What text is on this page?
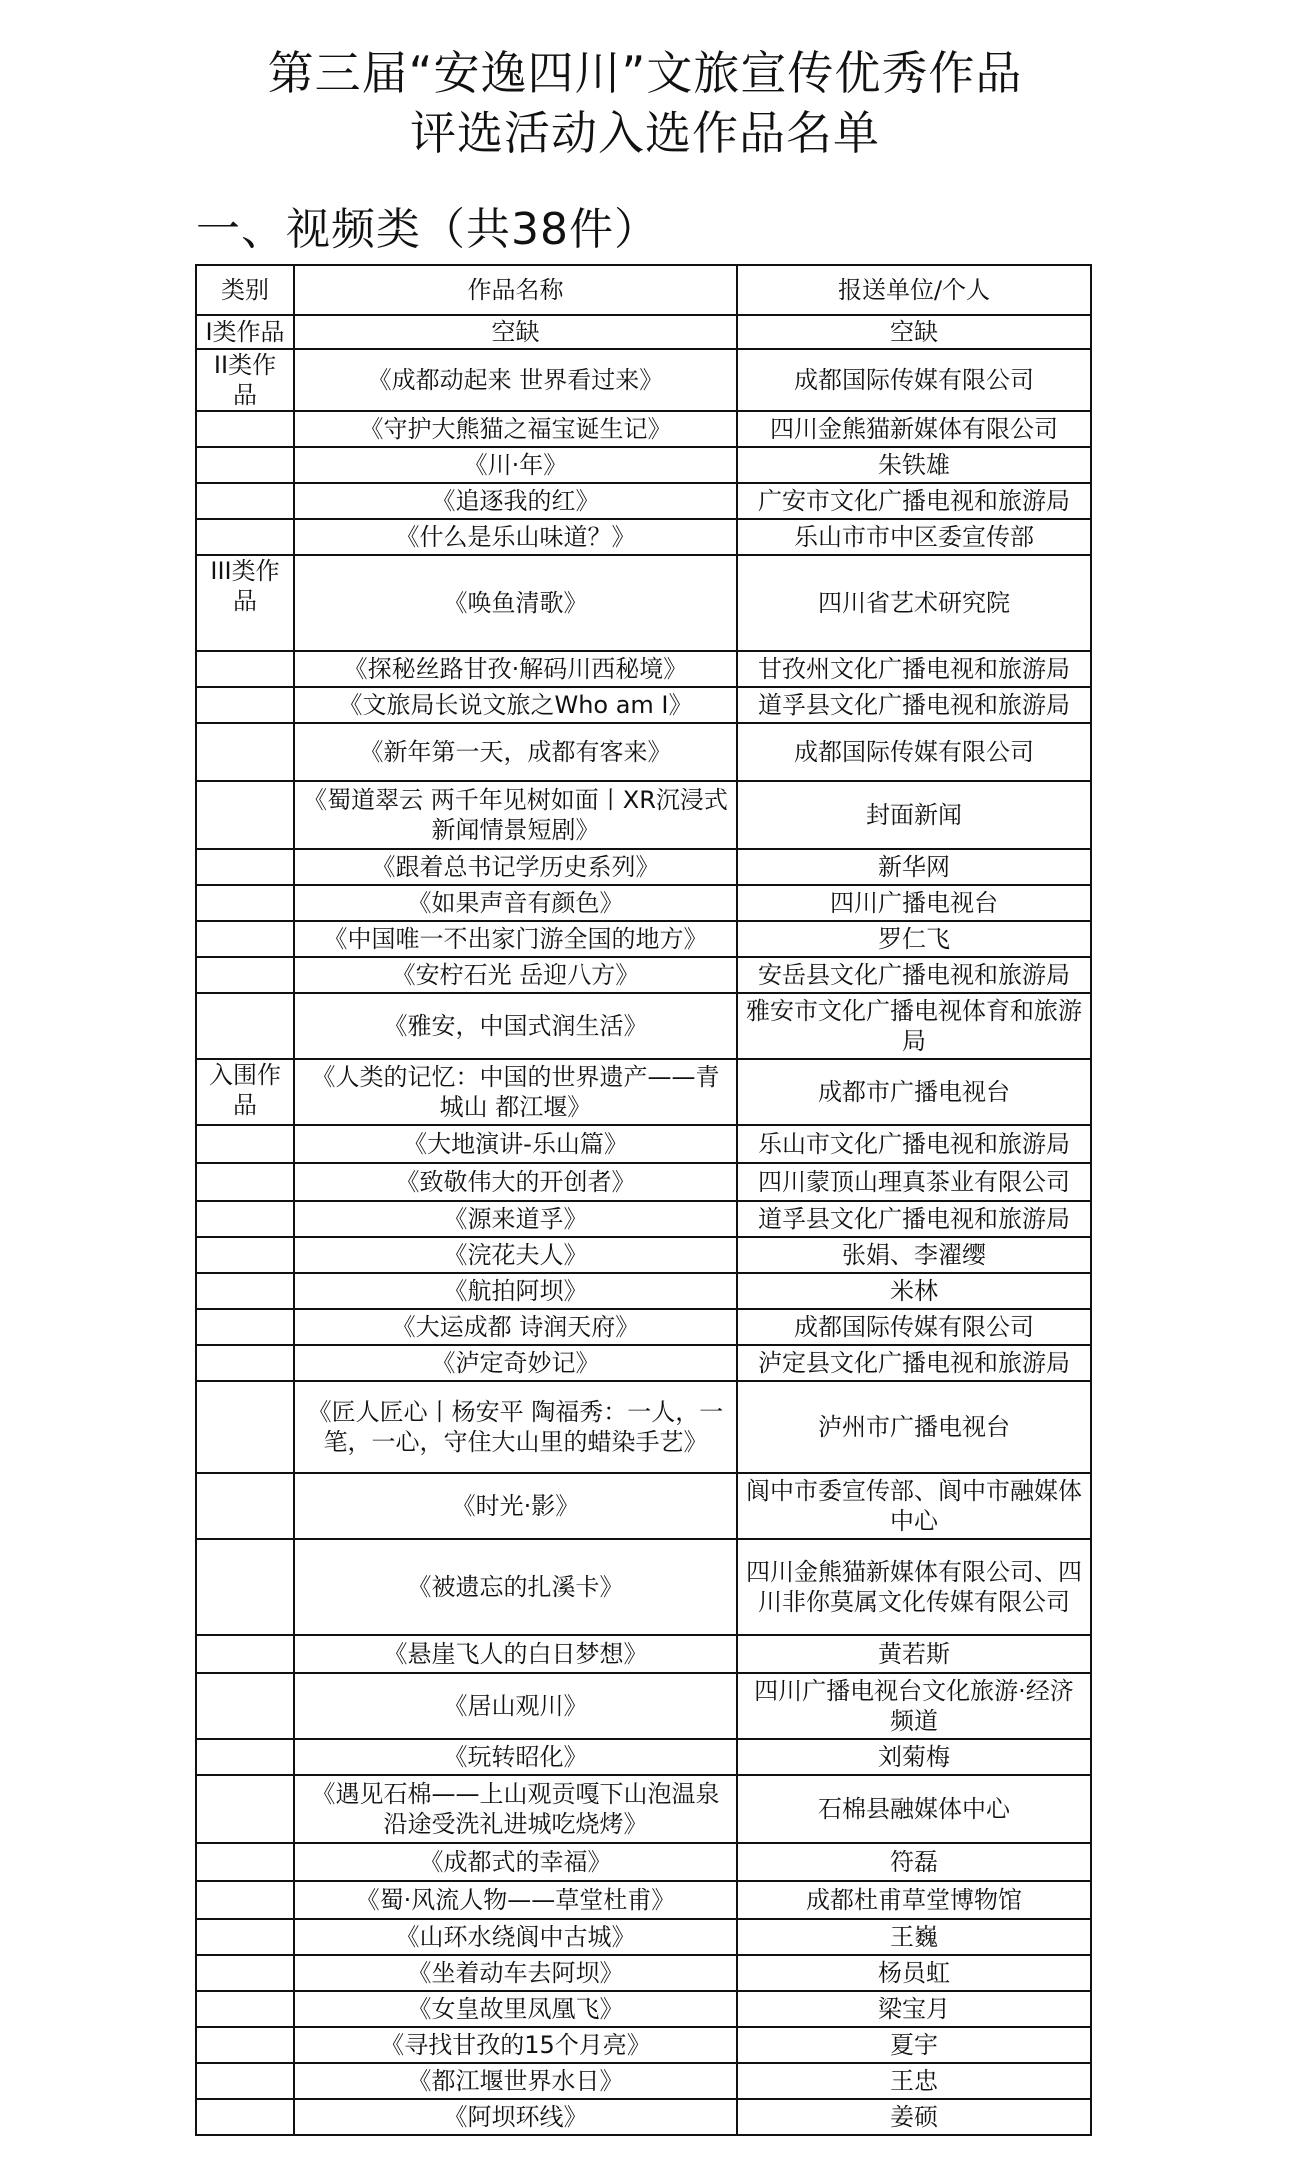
第三届“安逸四川”文旅宣传优秀作品
评选活动入选作品名单
一、视频类（共38件）
类别	作品名称	报送单位/个人
I类作品	空缺	空缺
II类作品	《成都动起来 世界看过来》	成都国际传媒有限公司
	《守护大熊猫之福宝诞生记》	四川金熊猫新媒体有限公司
	《川·年》	朱铁雄
	《追逐我的红》	广安市文化广播电视和旅游局
	《什么是乐山味道？》	乐山市市中区委宣传部
III类作品	《唤鱼清歌》	四川省艺术研究院
	《探秘丝路甘孜·解码川西秘境》	甘孜州文化广播电视和旅游局
	《文旅局长说文旅之Who am I》	道孚县文化广播电视和旅游局
	《新年第一天，成都有客来》	成都国际传媒有限公司
	《蜀道翠云 两千年见树如面丨XR沉浸式新闻情景短剧》	封面新闻
	《跟着总书记学历史系列》	新华网
	《如果声音有颜色》	四川广播电视台
	《中国唯一不出家门游全国的地方》	罗仁飞
	《安柠石光 岳迎八方》	安岳县文化广播电视和旅游局
	《雅安，中国式润生活》	雅安市文化广播电视体育和旅游局
入围作品	《人类的记忆：中国的世界遗产——青城山 都江堰》	成都市广播电视台
	《大地演讲-乐山篇》	乐山市文化广播电视和旅游局
	《致敬伟大的开创者》	四川蒙顶山理真茶业有限公司
	《源来道孚》	道孚县文化广播电视和旅游局
	《浣花夫人》	张娟、李濯缨
	《航拍阿坝》	米林
	《大运成都 诗润天府》	成都国际传媒有限公司
	《泸定奇妙记》	泸定县文化广播电视和旅游局
	《匠人匠心丨杨安平 陶福秀：一人，一笔，一心，守住大山里的蜡染手艺》	泸州市广播电视台
	《时光·影》	阆中市委宣传部、阆中市融媒体中心
	《被遗忘的扎溪卡》	四川金熊猫新媒体有限公司、四川非你莫属文化传媒有限公司
	《悬崖飞人的白日梦想》	黄若斯
	《居山观川》	四川广播电视台文化旅游·经济频道
	《玩转昭化》	刘菊梅
	《遇见石棉——上山观贡嘎下山泡温泉 沿途受洗礼进城吃烧烤》	石棉县融媒体中心
	《成都式的幸福》	符磊
	《蜀·风流人物——草堂杜甫》	成都杜甫草堂博物馆
	《山环水绕阆中古城》	王巍
	《坐着动车去阿坝》	杨员虹
	《女皇故里凤凰飞》	梁宝月
	《寻找甘孜的15个月亮》	夏宇
	《都江堰世界水日》	王忠
	《阿坝环线》	姜硕
